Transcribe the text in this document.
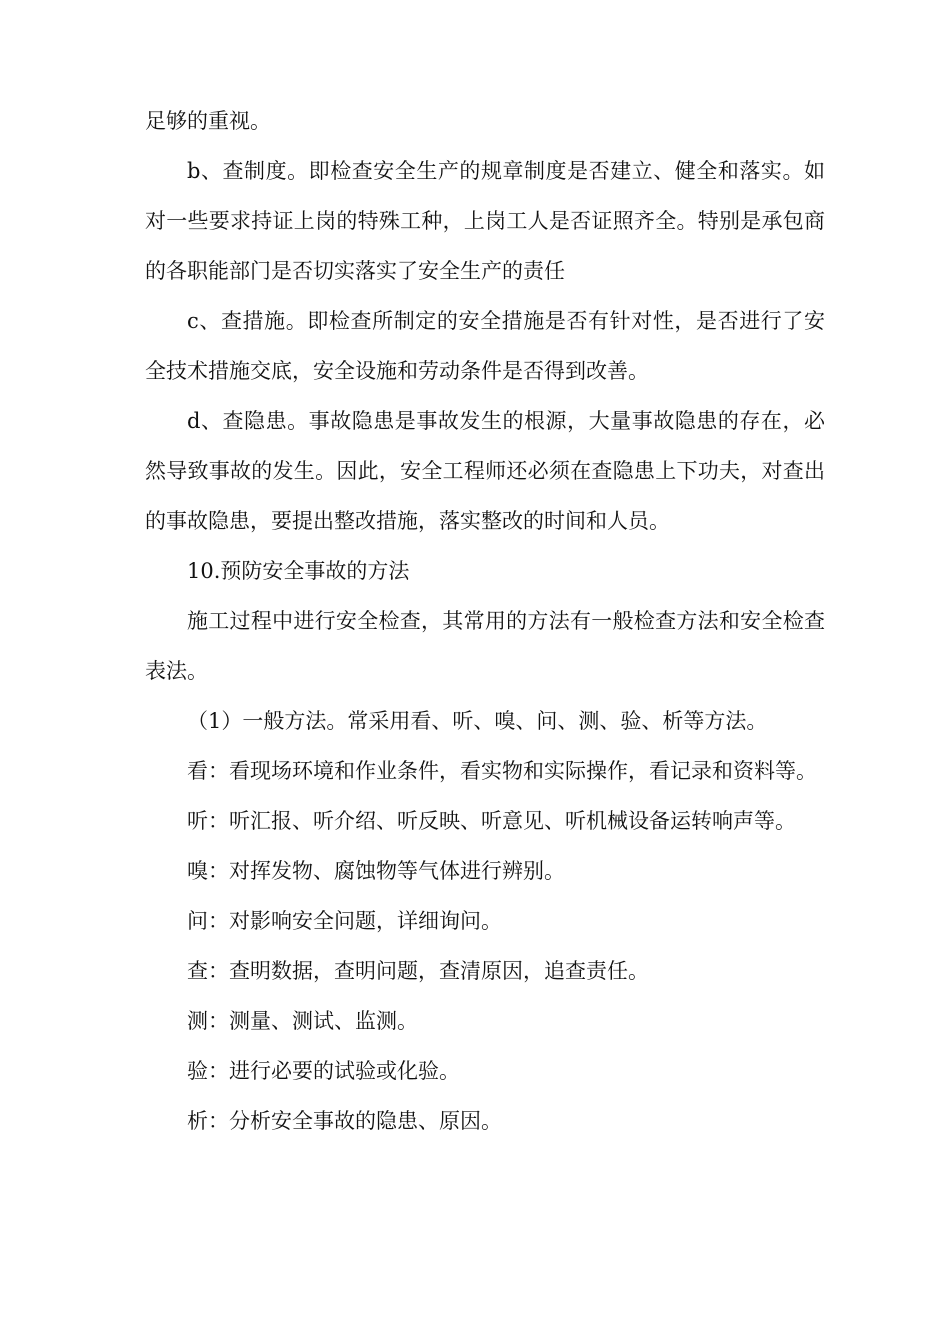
足够的重视。

b、查制度。即检查安全生产的规章制度是否建立、健全和落实。如对一些要求持证上岗的特殊工种，上岗工人是否证照齐全。特别是承包商的各职能部门是否切实落实了安全生产的责任

c、查措施。即检查所制定的安全措施是否有针对性，是否进行了安全技术措施交底，安全设施和劳动条件是否得到改善。

d、查隐患。事故隐患是事故发生的根源，大量事故隐患的存在，必然导致事故的发生。因此，安全工程师还必须在查隐患上下功夫，对查出的事故隐患，要提出整改措施，落实整改的时间和人员。

10.预防安全事故的方法

施工过程中进行安全检查，其常用的方法有一般检查方法和安全检查表法。

（1）一般方法。常采用看、听、嗅、问、测、验、析等方法。

看：看现场环境和作业条件，看实物和实际操作，看记录和资料等。

听：听汇报、听介绍、听反映、听意见、听机械设备运转响声等。

嗅：对挥发物、腐蚀物等气体进行辨别。

问：对影响安全问题，详细询问。

查：查明数据，查明问题，查清原因，追查责任。

测：测量、测试、监测。

验：进行必要的试验或化验。

析：分析安全事故的隐患、原因。
